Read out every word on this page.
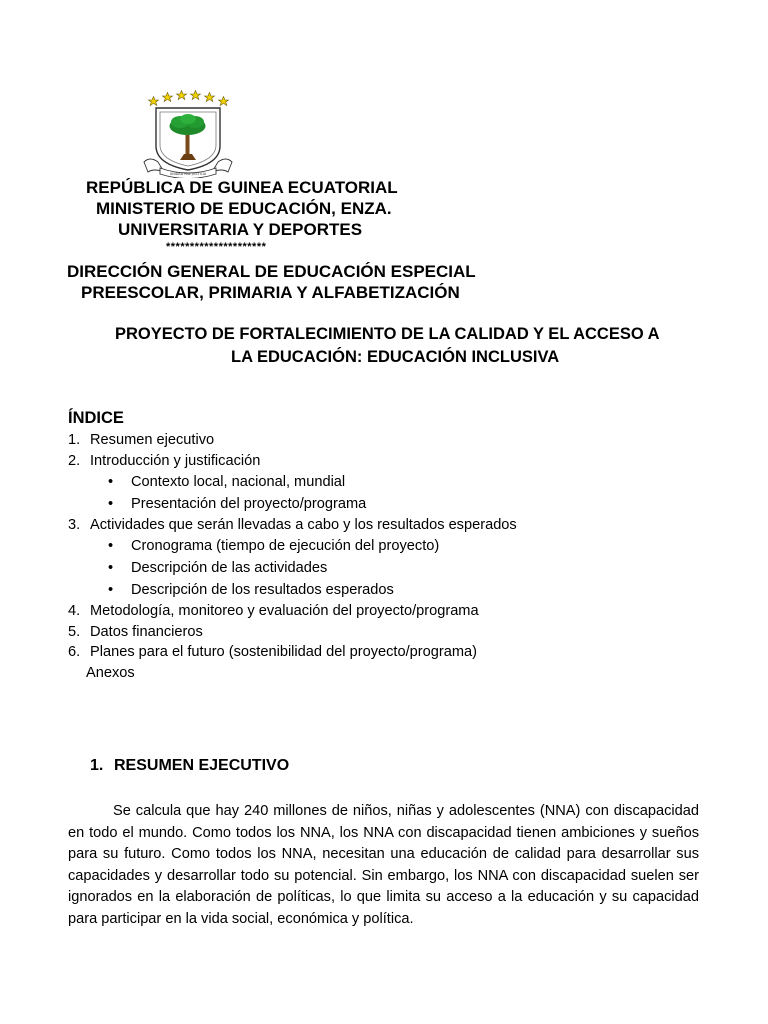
UNIDAD PAZ JUSTICIA
REPÚBLICA DE GUINEA ECUATORIAL
MINISTERIO DE EDUCACIÓN, ENZA.
UNIVERSITARIA Y DEPORTES
*********************
DIRECCIÓN GENERAL DE EDUCACIÓN ESPECIAL
PREESCOLAR, PRIMARIA Y ALFABETIZACIÓN
PROYECTO DE FORTALECIMIENTO DE LA CALIDAD Y EL ACCESO A
LA EDUCACIÓN: EDUCACIÓN INCLUSIVA
ÍNDICE
1. Resumen ejecutivo
2. Introducción y justificación
• Contexto local, nacional, mundial
• Presentación del proyecto/programa
3. Actividades que serán llevadas a cabo y los resultados esperados
• Cronograma (tiempo de ejecución del proyecto)
• Descripción de las actividades
• Descripción de los resultados esperados
4. Metodología, monitoreo y evaluación del proyecto/programa
5. Datos financieros
6. Planes para el futuro (sostenibilidad del proyecto/programa)
Anexos
1. RESUMEN EJECUTIVO

Se calcula que hay 240 millones de niños, niñas y adolescentes (NNA) con discapacidad en todo el mundo. Como todos los NNA, los NNA con discapacidad tienen ambiciones y sueños para su futuro. Como todos los NNA, necesitan una educación de calidad para desarrollar sus capacidades y desarrollar todo su potencial. Sin embargo, los NNA con discapacidad suelen ser ignorados en la elaboración de políticas, lo que limita su acceso a la educación y su capacidad para participar en la vida social, económica y política.
